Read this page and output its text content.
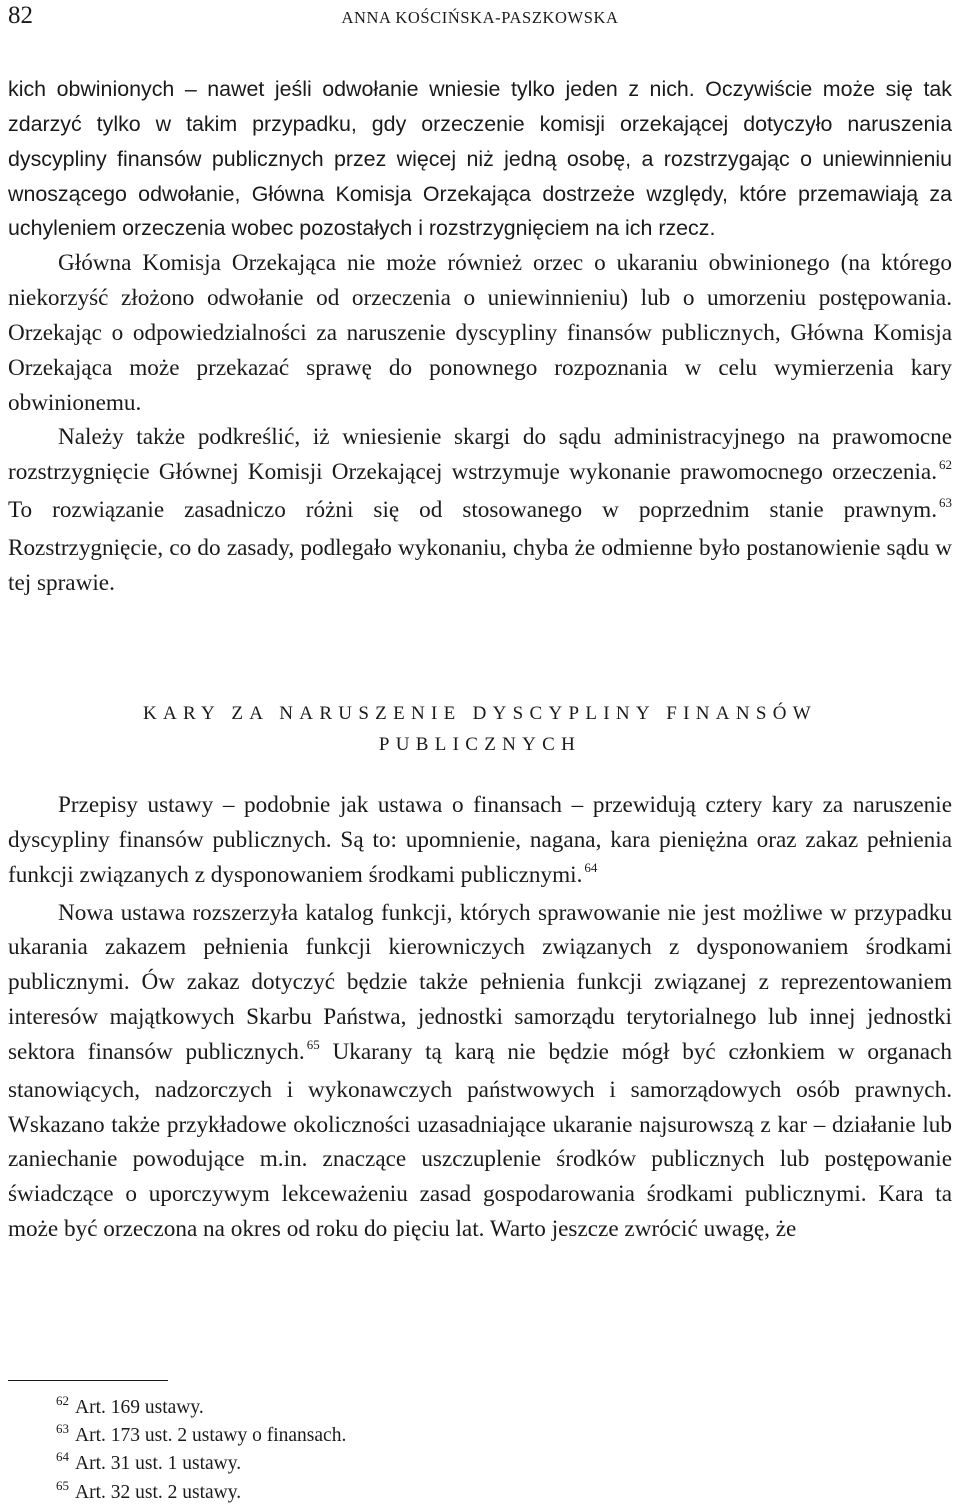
82	ANNA KOŚCIŃSKA-PASZKOWSKA

kich obwinionych – nawet jeśli odwołanie wniesie tylko jeden z nich. Oczywiście może się tak zdarzyć tylko w takim przypadku, gdy orzeczenie komisji orzekającej dotyczyło naruszenia dyscypliny finansów publicznych przez więcej niż jedną osobę, a rozstrzygając o uniewinnieniu wnoszącego odwołanie, Główna Komisja Orzekająca dostrzeże względy, które przemawiają za uchyleniem orzeczenia wobec pozostałych i rozstrzygnięciem na ich rzecz.

Główna Komisja Orzekająca nie może również orzec o ukaraniu obwinionego (na którego niekorzyść złożono odwołanie od orzeczenia o uniewinnieniu) lub o umorzeniu postępowania. Orzekając o odpowiedzialności za naruszenie dyscypliny finansów publicznych, Główna Komisja Orzekająca może przekazać sprawę do ponownego rozpoznania w celu wymierzenia kary obwinionemu.

Należy także podkreślić, iż wniesienie skargi do sądu administracyjnego na prawomocne rozstrzygnięcie Głównej Komisji Orzekającej wstrzymuje wykonanie prawomocnego orzeczenia. $^{62}$ To rozwiązanie zasadniczo różni się od stosowanego w poprzednim stanie prawnym. $^{63}$ Rozstrzygnięcie, co do zasady, podlegało wykonaniu, chyba że odmienne było postanowienie sądu w tej sprawie.

KARY ZA NARUSZENIE DYSCYPLINY FINANSÓW
PUBLICZNYCH

Przepisy ustawy – podobnie jak ustawa o finansach – przewidują cztery kary za naruszenie dyscypliny finansów publicznych. Są to: upomnienie, nagana, kara pieniężna oraz zakaz pełnienia funkcji związanych z dysponowaniem środkami publicznymi. $^{64}$

Nowa ustawa rozszerzyła katalog funkcji, których sprawowanie nie jest możliwe w przypadku ukarania zakazem pełnienia funkcji kierowniczych związanych z dysponowaniem środkami publicznymi. Ów zakaz dotyczyć będzie także pełnienia funkcji związanej z reprezentowaniem interesów majątkowych Skarbu Państwa, jednostki samorządu terytorialnego lub innej jednostki sektora finansów publicznych. $^{65}$ Ukarany tą karą nie będzie mógł być członkiem w organach stanowiących, nadzorczych i wykonawczych państwowych i samorządowych osób prawnych. Wskazano także przykładowe okoliczności uzasadniające ukaranie najsurowszą z kar – działanie lub zaniechanie powodujące m.in. znaczące uszczuplenie środków publicznych lub postępowanie świadczące o uporczywym lekceważeniu zasad gospodarowania środkami publicznymi. Kara ta może być orzeczona na okres od roku do pięciu lat. Warto jeszcze zwrócić uwagę, że

$^{62}$ Art. 169 ustawy.

$^{63}$ Art. 173 ust. 2 ustawy o finansach.

$^{64}$ Art. 31 ust. 1 ustawy.

$^{65}$ Art. 32 ust. 2 ustawy.
